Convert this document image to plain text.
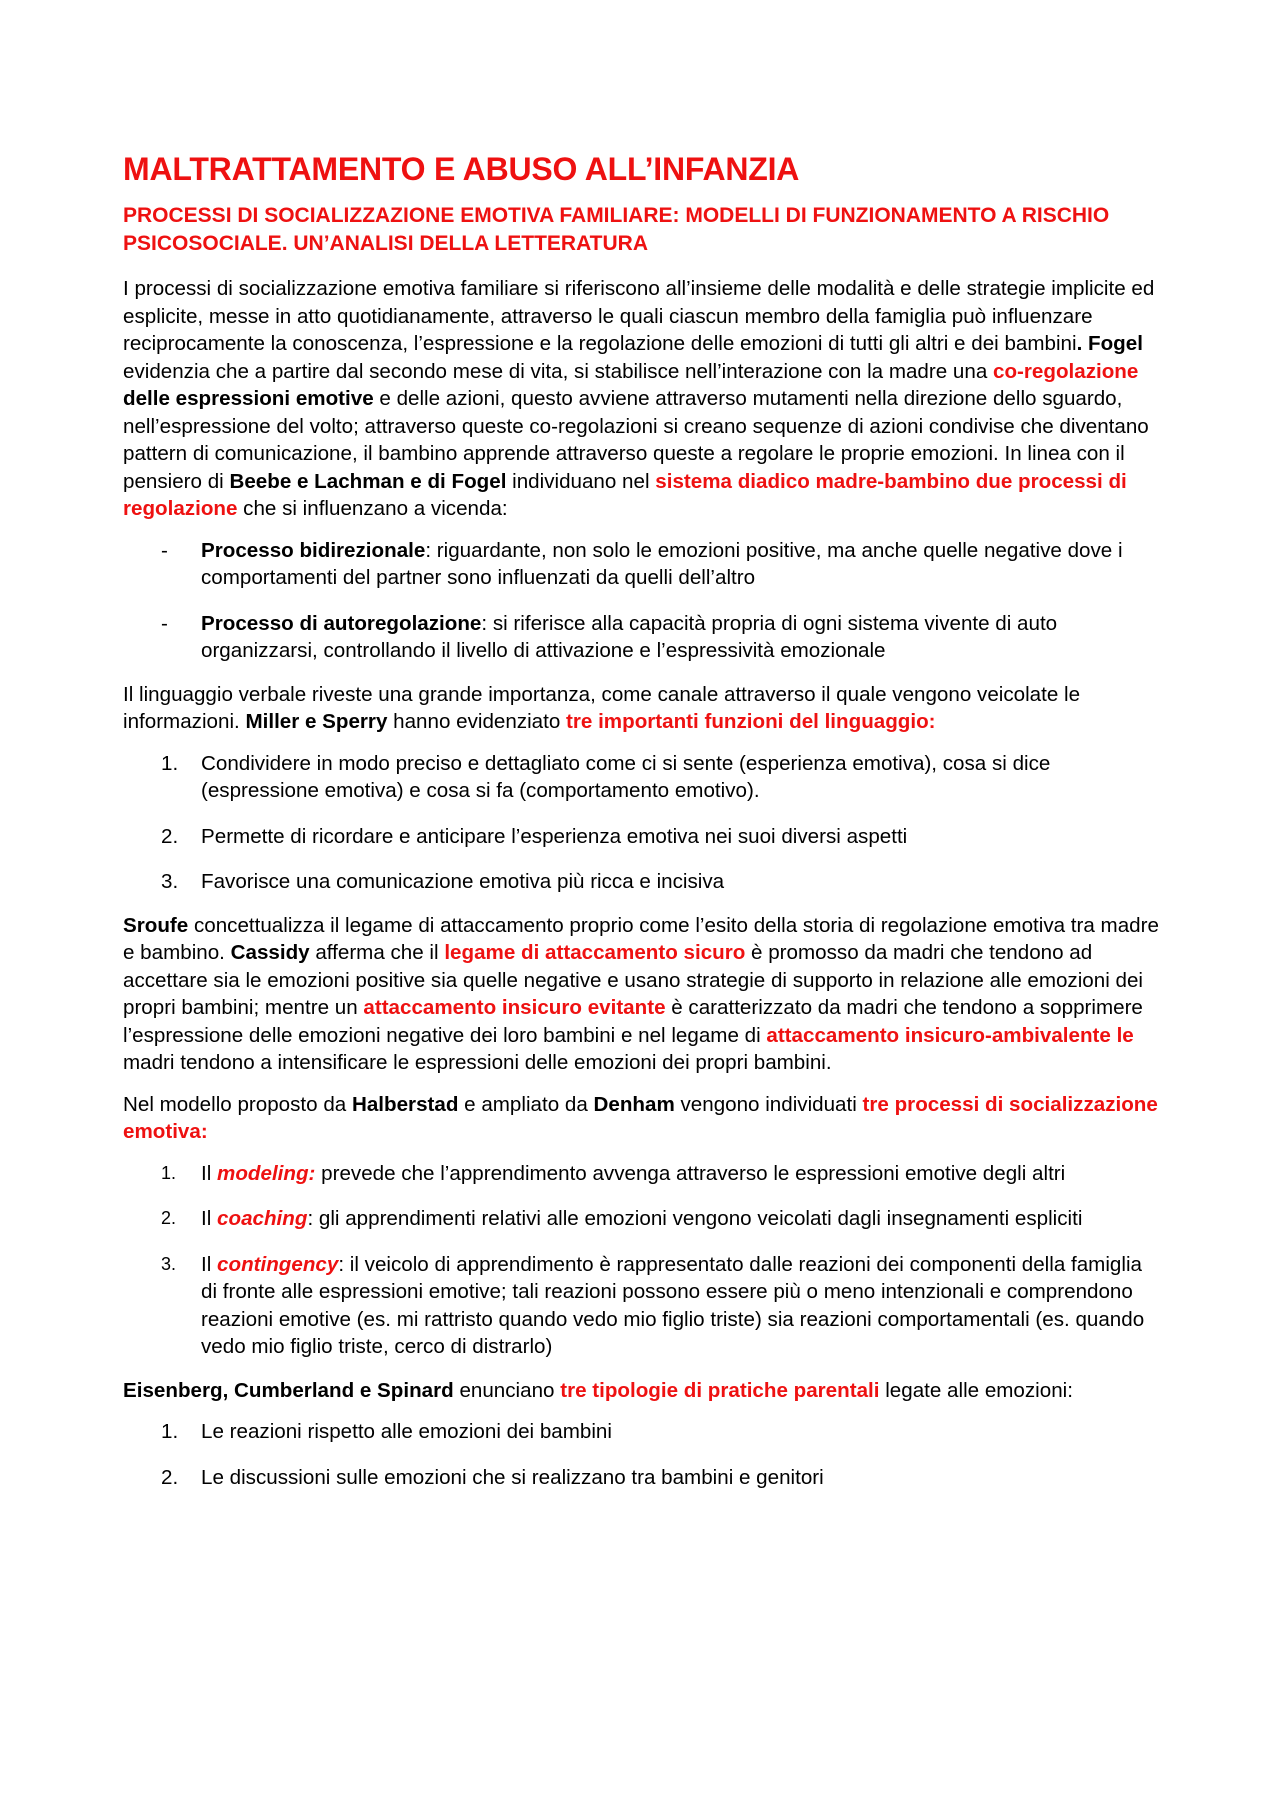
MALTRATTAMENTO E ABUSO ALL’INFANZIA
PROCESSI DI SOCIALIZZAZIONE EMOTIVA FAMILIARE: MODELLI DI FUNZIONAMENTO A RISCHIO PSICOSOCIALE. UN’ANALISI DELLA LETTERATURA

I processi di socializzazione emotiva familiare si riferiscono all’insieme delle modalità e delle strategie implicite ed esplicite, messe in atto quotidianamente, attraverso le quali ciascun membro della famiglia può influenzare reciprocamente la conoscenza, l’espressione e la regolazione delle emozioni di tutti gli altri e dei bambini. Fogel evidenzia che a partire dal secondo mese di vita, si stabilisce nell’interazione con la madre una co-regolazione delle espressioni emotive e delle azioni, questo avviene attraverso mutamenti nella direzione dello sguardo, nell’espressione del volto; attraverso queste co-regolazioni si creano sequenze di azioni condivise che diventano pattern di comunicazione, il bambino apprende attraverso queste a regolare le proprie emozioni. In linea con il pensiero di Beebe e Lachman e di Fogel individuano nel sistema diadico madre-bambino due processi di regolazione che si influenzano a vicenda:

- Processo bidirezionale: riguardante, non solo le emozioni positive, ma anche quelle negative dove i comportamenti del partner sono influenzati da quelli dell’altro
- Processo di autoregolazione: si riferisce alla capacità propria di ogni sistema vivente di auto organizzarsi, controllando il livello di attivazione e l’espressività emozionale

Il linguaggio verbale riveste una grande importanza, come canale attraverso il quale vengono veicolate le informazioni. Miller e Sperry hanno evidenziato tre importanti funzioni del linguaggio:

1. Condividere in modo preciso e dettagliato come ci si sente (esperienza emotiva), cosa si dice (espressione emotiva) e cosa si fa (comportamento emotivo).
2. Permette di ricordare e anticipare l’esperienza emotiva nei suoi diversi aspetti
3. Favorisce una comunicazione emotiva più ricca e incisiva

Sroufe concettualizza il legame di attaccamento proprio come l’esito della storia di regolazione emotiva tra madre e bambino. Cassidy afferma che il legame di attaccamento sicuro è promosso da madri che tendono ad accettare sia le emozioni positive sia quelle negative e usano strategie di supporto in relazione alle emozioni dei propri bambini; mentre un attaccamento insicuro evitante è caratterizzato da madri che tendono a sopprimere l’espressione delle emozioni negative dei loro bambini e nel legame di attaccamento insicuro-ambivalente le madri tendono a intensificare le espressioni delle emozioni dei propri bambini.

Nel modello proposto da Halberstad e ampliato da Denham vengono individuati tre processi di socializzazione emotiva:

1. Il modeling: prevede che l’apprendimento avvenga attraverso le espressioni emotive degli altri
2. Il coaching: gli apprendimenti relativi alle emozioni vengono veicolati dagli insegnamenti espliciti
3. Il contingency: il veicolo di apprendimento è rappresentato dalle reazioni dei componenti della famiglia di fronte alle espressioni emotive; tali reazioni possono essere più o meno intenzionali e comprendono reazioni emotive (es. mi rattristo quando vedo mio figlio triste) sia reazioni comportamentali (es. quando vedo mio figlio triste, cerco di distrarlo)

Eisenberg, Cumberland e Spinard enunciano tre tipologie di pratiche parentali legate alle emozioni:

1. Le reazioni rispetto alle emozioni dei bambini
2. Le discussioni sulle emozioni che si realizzano tra bambini e genitori
